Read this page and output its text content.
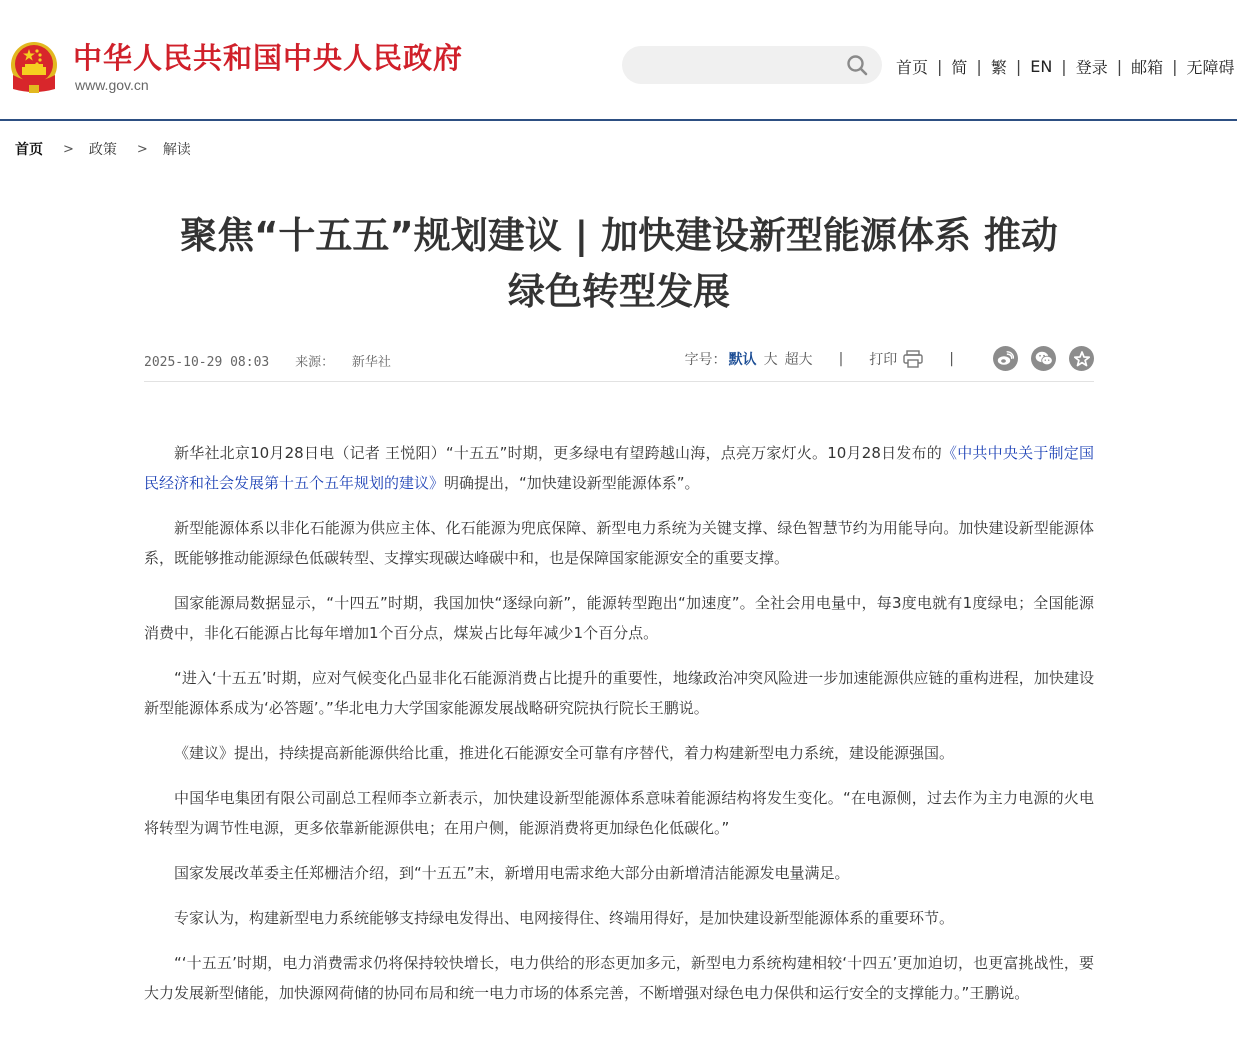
中华人民共和国中央人民政府
www.gov.cn
首页 | 简 | 繁 | EN | 登录 | 邮箱 | 无障碍
首页 > 政策 > 解读
聚焦“十五五”规划建议 | 加快建设新型能源体系 推动
绿色转型发展
2025-10-29 08:03 来源： 新华社	字号： 默认 大 超大 | 打印	|

新华社北京10月28日电（记者 王悦阳）“十五五”时期，更多绿电有望跨越山海，点亮万家灯火。10月28日发布的《中共中央关于制定国民经济和社会发展第十五个五年规划的建议》明确提出，“加快建设新型能源体系”。

新型能源体系以非化石能源为供应主体、化石能源为兜底保障、新型电力系统为关键支撑、绿色智慧节约为用能导向。加快建设新型能源体系，既能够推动能源绿色低碳转型、支撑实现碳达峰碳中和，也是保障国家能源安全的重要支撑。

国家能源局数据显示，“十四五”时期，我国加快“逐绿向新”，能源转型跑出“加速度”。全社会用电量中，每3度电就有1度绿电；全国能源消费中，非化石能源占比每年增加1个百分点，煤炭占比每年减少1个百分点。

“进入‘十五五’时期，应对气候变化凸显非化石能源消费占比提升的重要性，地缘政治冲突风险进一步加速能源供应链的重构进程，加快建设新型能源体系成为‘必答题’。”华北电力大学国家能源发展战略研究院执行院长王鹏说。

《建议》提出，持续提高新能源供给比重，推进化石能源安全可靠有序替代，着力构建新型电力系统，建设能源强国。

中国华电集团有限公司副总工程师李立新表示，加快建设新型能源体系意味着能源结构将发生变化。“在电源侧，过去作为主力电源的火电将转型为调节性电源，更多依靠新能源供电；在用户侧，能源消费将更加绿色化低碳化。”

国家发展改革委主任郑栅洁介绍，到“十五五”末，新增用电需求绝大部分由新增清洁能源发电量满足。

专家认为，构建新型电力系统能够支持绿电发得出、电网接得住、终端用得好，是加快建设新型能源体系的重要环节。

“‘十五五’时期，电力消费需求仍将保持较快增长，电力供给的形态更加多元，新型电力系统构建相较‘十四五’更加迫切，也更富挑战性，要大力发展新型储能，加快源网荷储的协同布局和统一电力市场的体系完善，不断增强对绿色电力保供和运行安全的支撑能力。”王鹏说。
